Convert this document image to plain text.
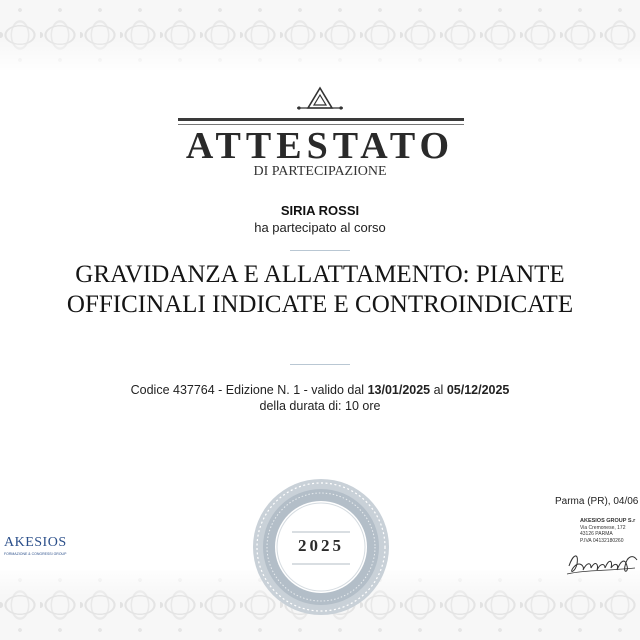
ATTESTATO
DI PARTECIPAZIONE
SIRIA ROSSI
ha partecipato al corso
GRAVIDANZA E ALLATTAMENTO: PIANTE
OFFICINALI INDICATE E CONTROINDICATE
Codice 437764 - Edizione N. 1 - valido dal 13/01/2025 al 05/12/2025
della durata di: 10 ore
2025
AKESIOS
FORMAZIONE & CONGRESSI GROUP
Parma (PR), 04/06
AKESIOS GROUP S.r
Via Cremonese, 172
43126 PARMA
P.IVA 04132180260
